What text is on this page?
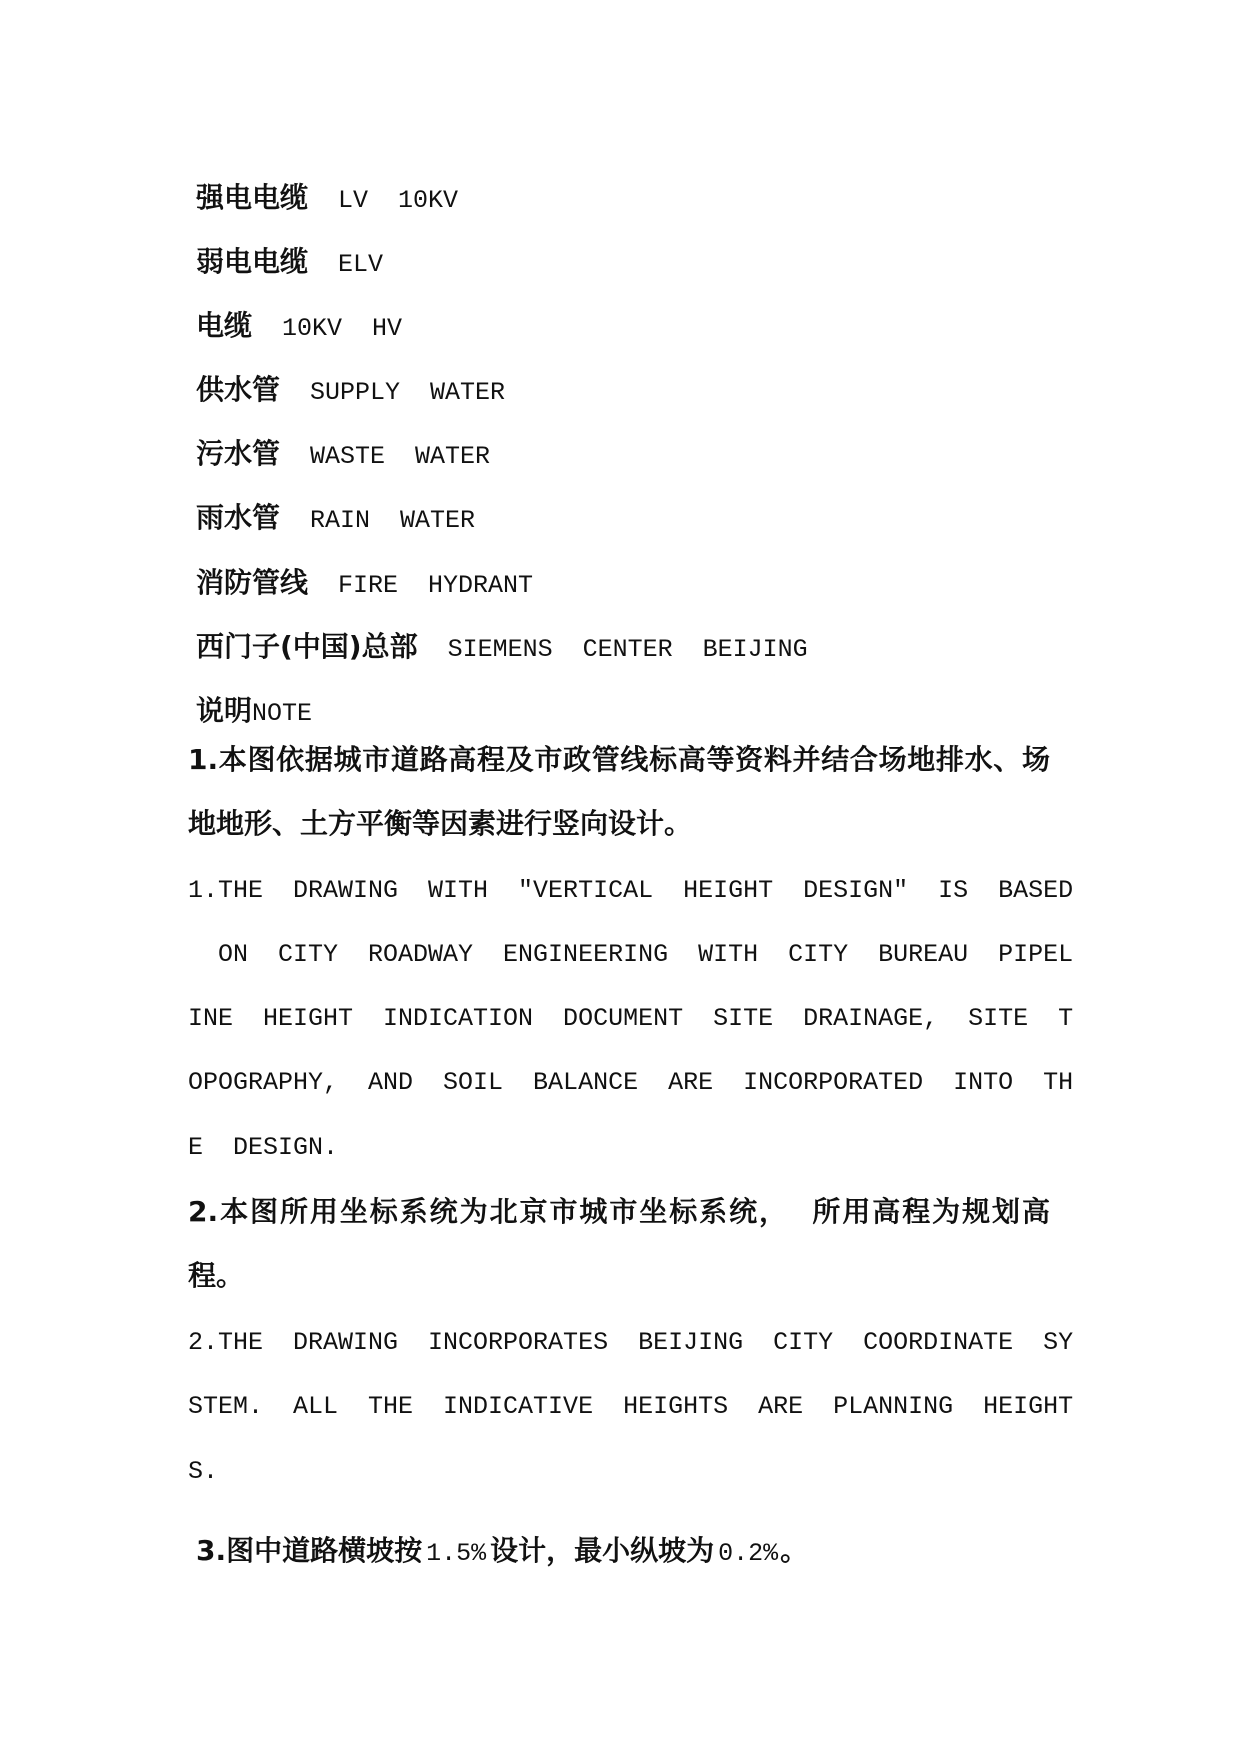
强电电缆 LV  10KV

弱电电缆 ELV

电缆 10KV  HV

供水管 SUPPLY  WATER

污水管 WASTE  WATER

雨水管 RAIN  WATER

消防管线 FIRE  HYDRANT

西门子(中国)总部 SIEMENS  CENTER  BEIJING

说明NOTE

1.本图依据城市道路高程及市政管线标高等资料并结合场地排水、场
地地形、土方平衡等因素进行竖向设计。
1.THE  DRAWING  WITH  "VERTICAL  HEIGHT  DESIGN"  IS  BASED
ON  CITY  ROADWAY  ENGINEERING  WITH  CITY  BUREAU  PIPEL
INE  HEIGHT  INDICATION  DOCUMENT  SITE  DRAINAGE,  SITE  T
OPOGRAPHY,  AND  SOIL  BALANCE  ARE  INCORPORATED  INTO  TH
E  DESIGN.
2.本图所用坐标系统为北京市城市坐标系统，  所用高程为规划高
程。
2.THE  DRAWING  INCORPORATES  BEIJING  CITY  COORDINATE  SY
STEM.  ALL  THE  INDICATIVE  HEIGHTS  ARE  PLANNING  HEIGHT
S.

3.图中道路横坡按 1.5% 设计，最小纵坡为 0.2%。
